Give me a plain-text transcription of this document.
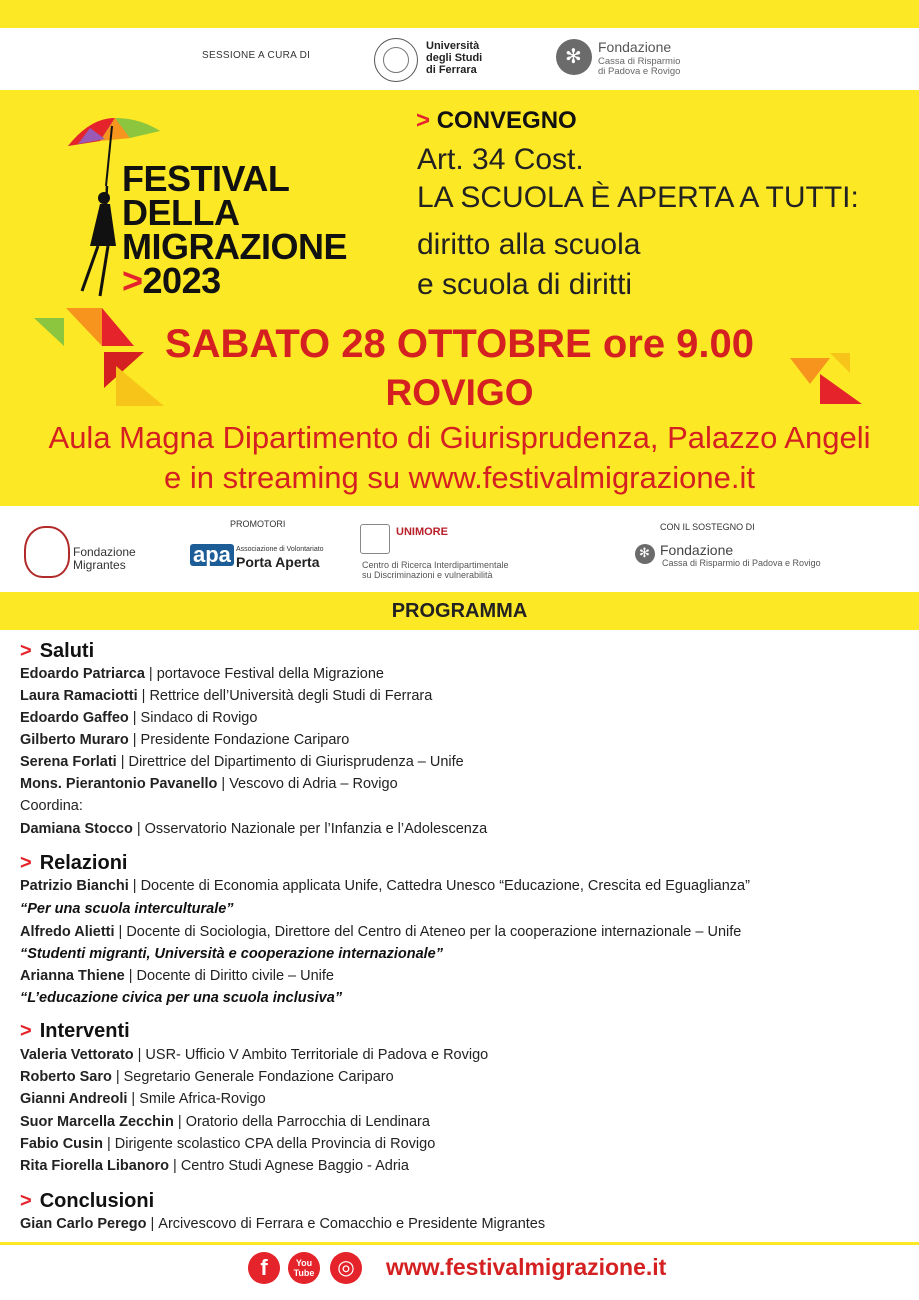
SESSIONE A CURA DI
Università
degli Studi
di Ferrara
✻
Fondazione
Cassa di Risparmio
di Padova e Rovigo
FESTIVAL
DELLA
MIGRAZIONE
>2023
> CONVEGNO
Art. 34 Cost.
LA SCUOLA È APERTA A TUTTI:
diritto alla scuola
e scuola di diritti
SABATO 28 OTTOBRE ore 9.00
ROVIGO
Aula Magna Dipartimento di Giurisprudenza, Palazzo Angeli
e in streaming su www.festivalmigrazione.it
Fondazione
Migrantes
PROMOTORI
apa Associazione di Volontariato
Porta Aperta
UNIMORE
Centro di Ricerca Interdipartimentale
su Discriminazioni e vulnerabilità
CON IL SOSTEGNO DI
✻
Fondazione
Cassa di Risparmio di Padova e Rovigo
PROGRAMMA
> Saluti
Edoardo Patriarca | portavoce Festival della Migrazione
Laura Ramaciotti | Rettrice dell’Università degli Studi di Ferrara
Edoardo Gaffeo | Sindaco di Rovigo
Gilberto Muraro | Presidente Fondazione Cariparo
Serena Forlati | Direttrice del Dipartimento di Giurisprudenza – Unife
Mons. Pierantonio Pavanello | Vescovo di Adria – Rovigo
Coordina:
Damiana Stocco | Osservatorio Nazionale per l’Infanzia e l’Adolescenza
> Relazioni
Patrizio Bianchi | Docente di Economia applicata Unife, Cattedra Unesco “Educazione, Crescita ed Eguaglianza”
“Per una scuola interculturale”
Alfredo Alietti | Docente di Sociologia, Direttore del Centro di Ateneo per la cooperazione internazionale – Unife
“Studenti migranti, Università e cooperazione internazionale”
Arianna Thiene | Docente di Diritto civile – Unife
“L’educazione civica per una scuola inclusiva”
> Interventi
Valeria Vettorato | USR- Ufficio V Ambito Territoriale di Padova e Rovigo
Roberto Saro | Segretario Generale Fondazione Cariparo
Gianni Andreoli | Smile Africa-Rovigo
Suor Marcella Zecchin | Oratorio della Parrocchia di Lendinara
Fabio Cusin | Dirigente scolastico CPA della Provincia di Rovigo
Rita Fiorella Libanoro | Centro Studi Agnese Baggio - Adria
> Conclusioni
Gian Carlo Perego | Arcivescovo di Ferrara e Comacchio e Presidente Migrantes
f	You Tube	◎	www.festivalmigrazione.it
